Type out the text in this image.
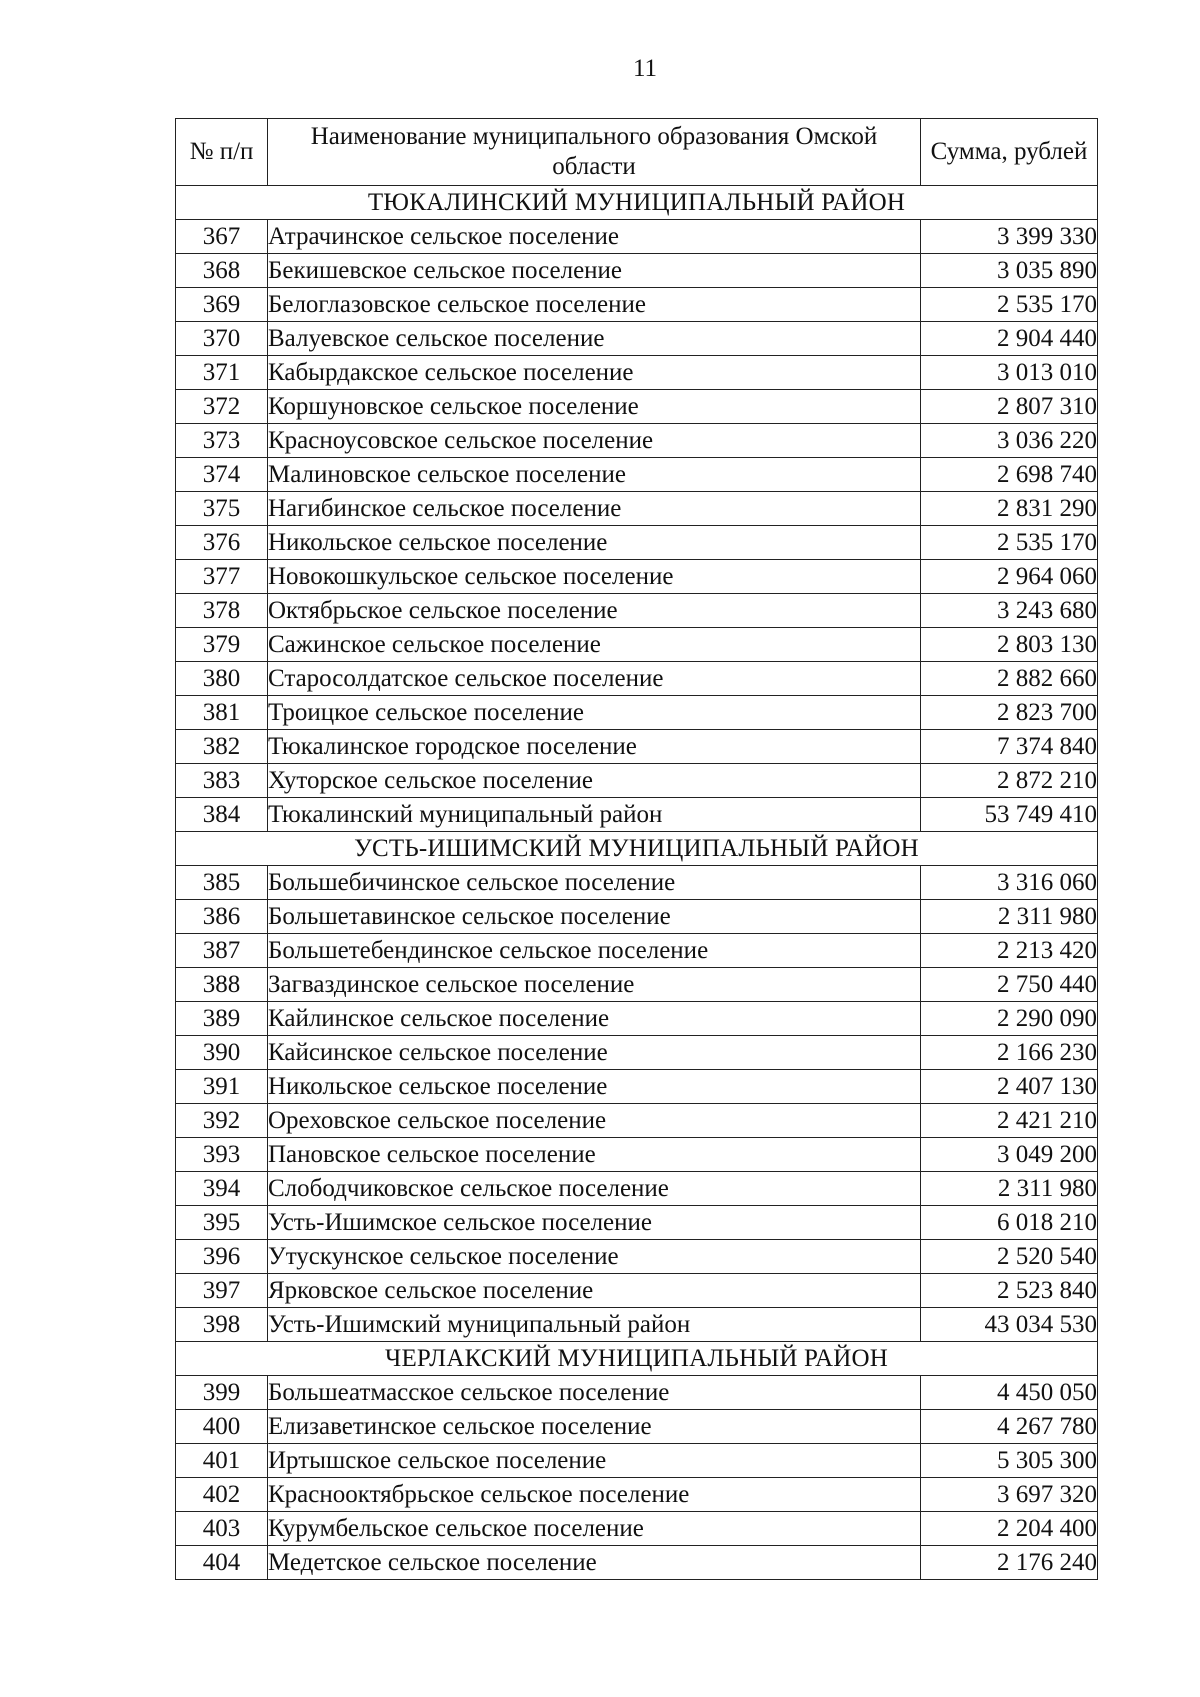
11
№ п/п	Наименование муниципального образования Омской области	Сумма, рублей
ТЮКАЛИНСКИЙ МУНИЦИПАЛЬНЫЙ РАЙОН		
367	Атрачинское сельское поселение	3 399 330
368	Бекишевское сельское поселение	3 035 890
369	Белоглазовское сельское поселение	2 535 170
370	Валуевское сельское поселение	2 904 440
371	Кабырдакское сельское поселение	3 013 010
372	Коршуновское сельское поселение	2 807 310
373	Красноусовское сельское поселение	3 036 220
374	Малиновское сельское поселение	2 698 740
375	Нагибинское сельское поселение	2 831 290
376	Никольское сельское поселение	2 535 170
377	Новокошкульское сельское поселение	2 964 060
378	Октябрьское сельское поселение	3 243 680
379	Сажинское сельское поселение	2 803 130
380	Старосолдатское сельское поселение	2 882 660
381	Троицкое сельское поселение	2 823 700
382	Тюкалинское городское поселение	7 374 840
383	Хуторское сельское поселение	2 872 210
384	Тюкалинский муниципальный район	53 749 410
УСТЬ-ИШИМСКИЙ МУНИЦИПАЛЬНЫЙ РАЙОН		
385	Большебичинское сельское поселение	3 316 060
386	Большетавинское сельское поселение	2 311 980
387	Большетебендинское сельское поселение	2 213 420
388	Загваздинское сельское поселение	2 750 440
389	Кайлинское сельское поселение	2 290 090
390	Кайсинское сельское поселение	2 166 230
391	Никольское сельское поселение	2 407 130
392	Ореховское сельское поселение	2 421 210
393	Пановское сельское поселение	3 049 200
394	Слободчиковское сельское поселение	2 311 980
395	Усть-Ишимское сельское поселение	6 018 210
396	Утускунское сельское поселение	2 520 540
397	Ярковское сельское поселение	2 523 840
398	Усть-Ишимский муниципальный район	43 034 530
ЧЕРЛАКСКИЙ МУНИЦИПАЛЬНЫЙ РАЙОН		
399	Большеатмасское сельское поселение	4 450 050
400	Елизаветинское сельское поселение	4 267 780
401	Иртышское сельское поселение	5 305 300
402	Краснооктябрьское сельское поселение	3 697 320
403	Курумбельское сельское поселение	2 204 400
404	Медетское сельское поселение	2 176 240
